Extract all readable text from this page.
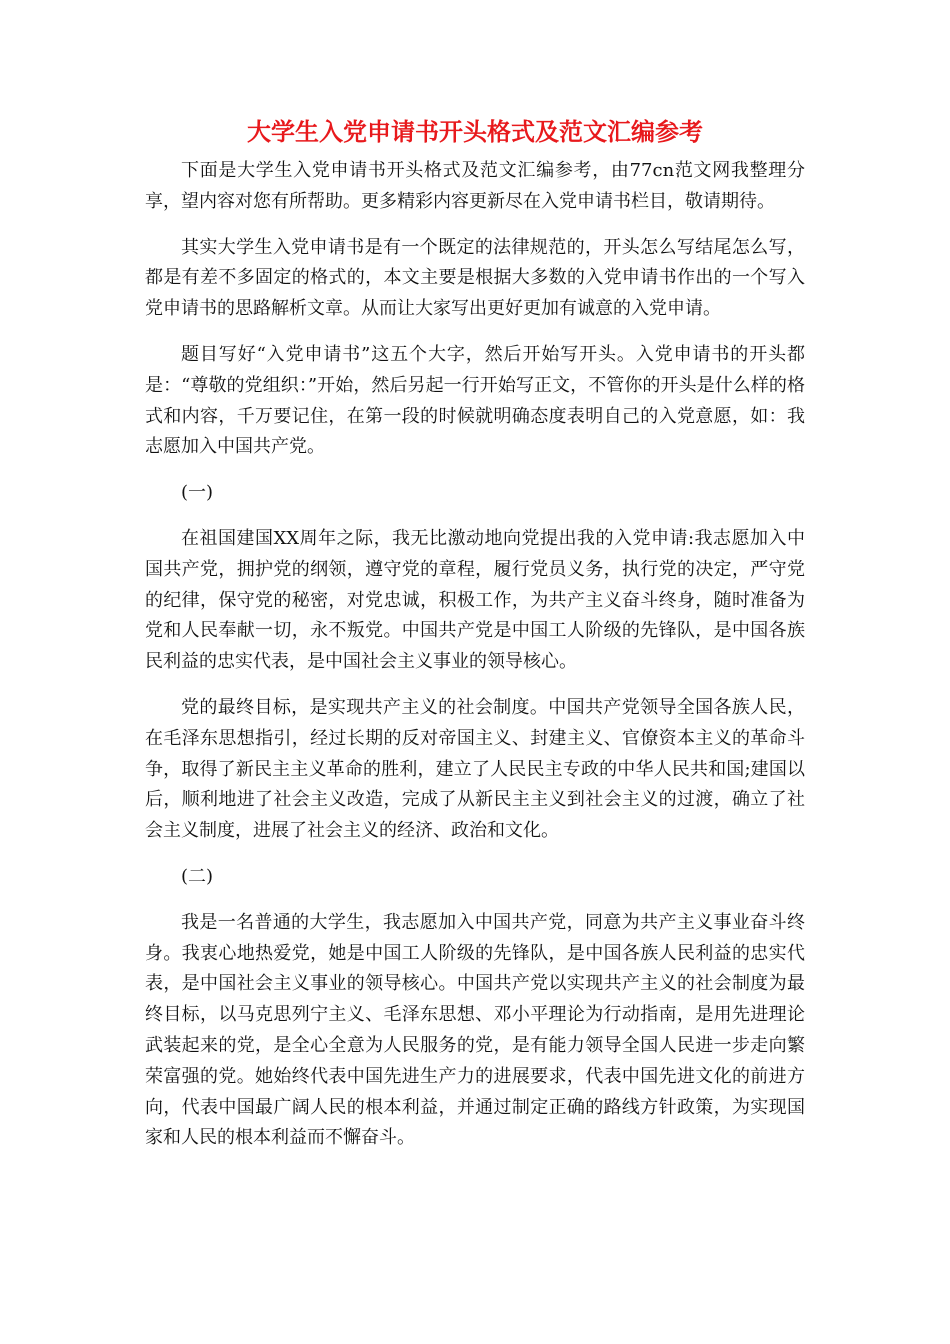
大学生入党申请书开头格式及范文汇编参考

下面是大学生入党申请书开头格式及范文汇编参考，由77cn范文网我整理分享，望内容对您有所帮助。更多精彩内容更新尽在入党申请书栏目，敬请期待。

其实大学生入党申请书是有一个既定的法律规范的，开头怎么写结尾怎么写，都是有差不多固定的格式的，本文主要是根据大多数的入党申请书作出的一个写入党申请书的思路解析文章。从而让大家写出更好更加有诚意的入党申请。

题目写好“入党申请书”这五个大字，然后开始写开头。入党申请书的开头都是：“尊敬的党组织：”开始，然后另起一行开始写正文，不管你的开头是什么样的格式和内容，千万要记住，在第一段的时候就明确态度表明自己的入党意愿，如：我志愿加入中国共产党。

(一)

在祖国建国XX周年之际，我无比激动地向党提出我的入党申请:我志愿加入中国共产党，拥护党的纲领，遵守党的章程，履行党员义务，执行党的决定，严守党的纪律，保守党的秘密，对党忠诚，积极工作，为共产主义奋斗终身，随时准备为党和人民奉献一切，永不叛党。中国共产党是中国工人阶级的先锋队，是中国各族民利益的忠实代表，是中国社会主义事业的领导核心。

党的最终目标，是实现共产主义的社会制度。中国共产党领导全国各族人民，在毛泽东思想指引，经过长期的反对帝国主义、封建主义、官僚资本主义的革命斗争，取得了新民主主义革命的胜利，建立了人民民主专政的中华人民共和国;建国以后，顺利地进了社会主义改造，完成了从新民主主义到社会主义的过渡，确立了社会主义制度，进展了社会主义的经济、政治和文化。

(二)

我是一名普通的大学生，我志愿加入中国共产党，同意为共产主义事业奋斗终身。我衷心地热爱党，她是中国工人阶级的先锋队，是中国各族人民利益的忠实代表，是中国社会主义事业的领导核心。中国共产党以实现共产主义的社会制度为最终目标，以马克思列宁主义、毛泽东思想、邓小平理论为行动指南，是用先进理论武装起来的党，是全心全意为人民服务的党，是有能力领导全国人民进一步走向繁荣富强的党。她始终代表中国先进生产力的进展要求，代表中国先进文化的前进方向，代表中国最广阔人民的根本利益，并通过制定正确的路线方针政策，为实现国家和人民的根本利益而不懈奋斗。
